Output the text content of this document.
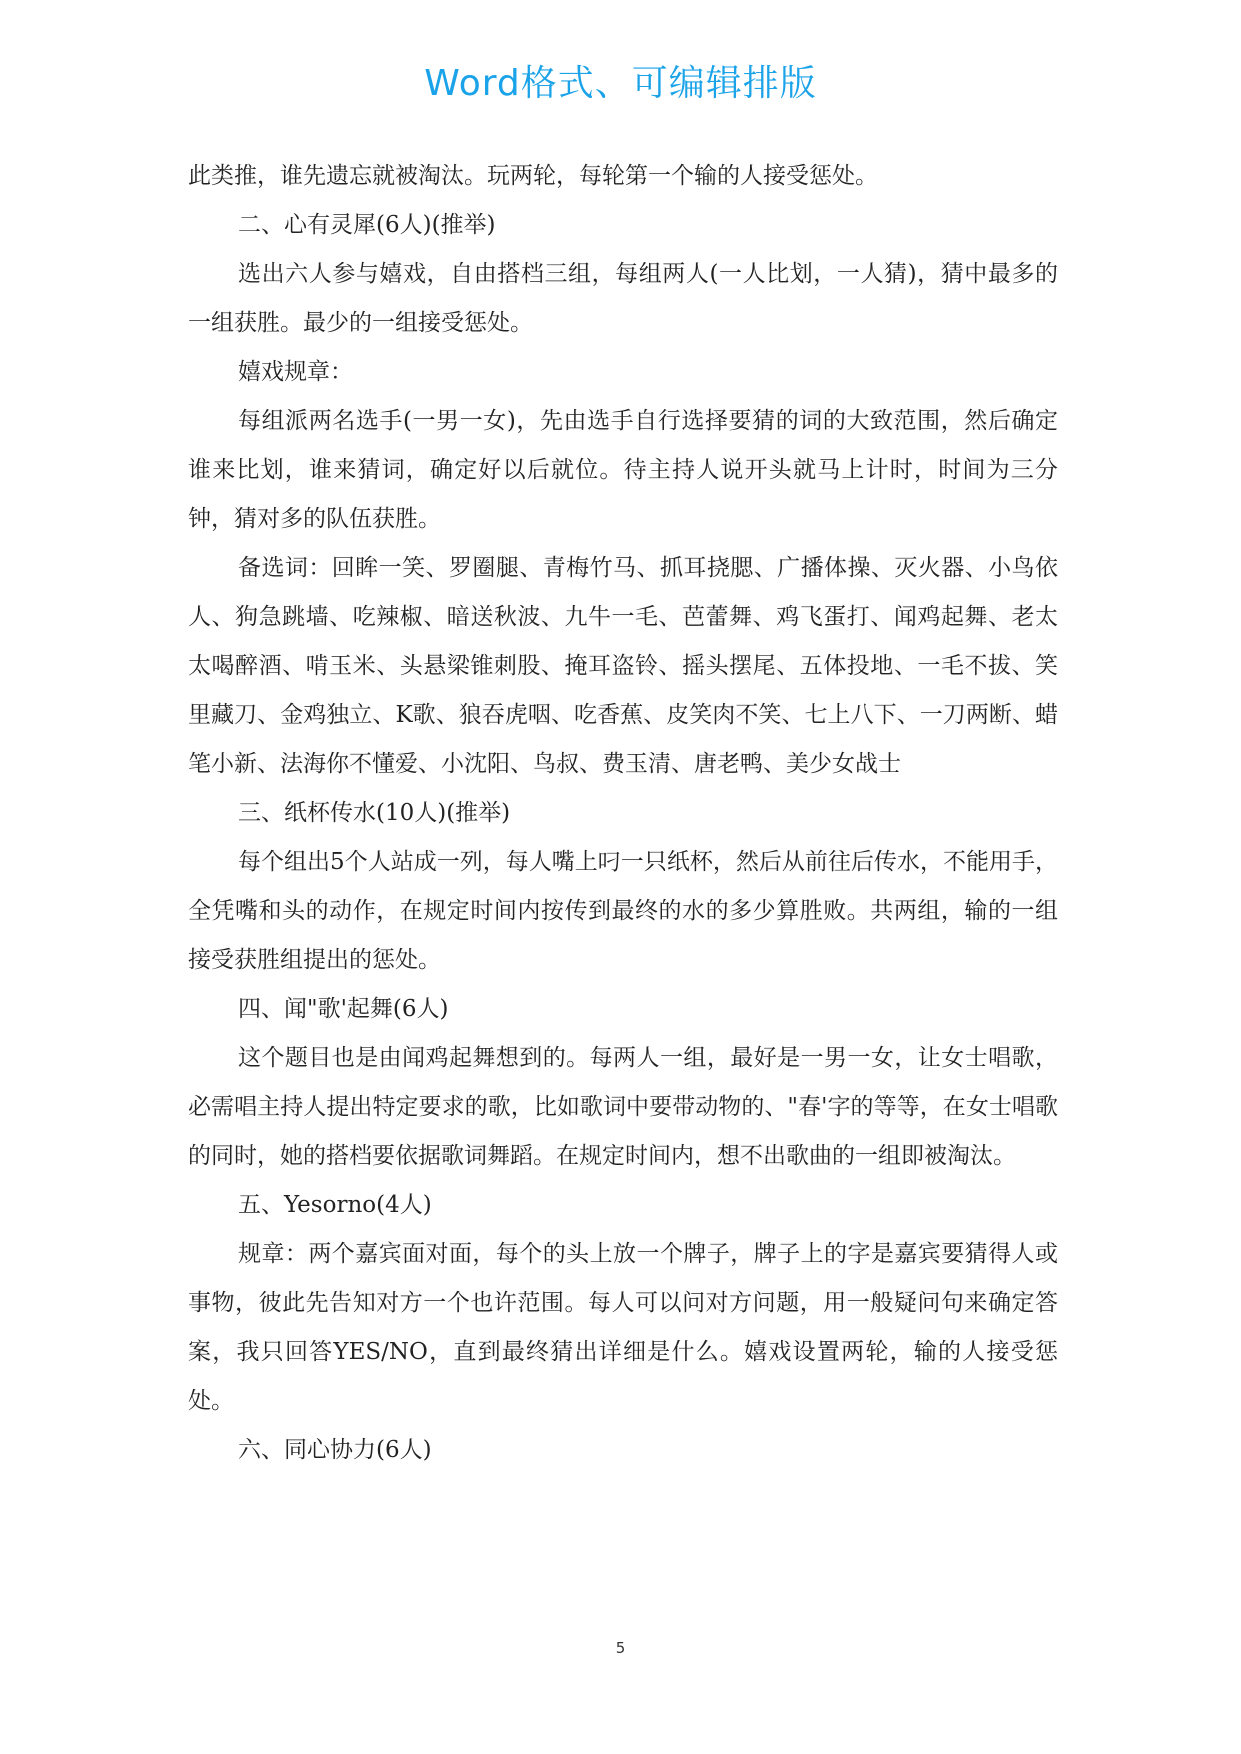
Word格式、可编辑排版

此类推，谁先遗忘就被淘汰。玩两轮，每轮第一个输的人接受惩处。

二、心有灵犀(6人)(推举)

选出六人参与嬉戏，自由搭档三组，每组两人(一人比划，一人猜)，猜中最多的一组获胜。最少的一组接受惩处。

嬉戏规章：

每组派两名选手(一男一女)，先由选手自行选择要猜的词的大致范围，然后确定谁来比划，谁来猜词，确定好以后就位。待主持人说开头就马上计时，时间为三分钟，猜对多的队伍获胜。

备选词：回眸一笑、罗圈腿、青梅竹马、抓耳挠腮、广播体操、灭火器、小鸟依人、狗急跳墙、吃辣椒、暗送秋波、九牛一毛、芭蕾舞、鸡飞蛋打、闻鸡起舞、老太太喝醉酒、啃玉米、头悬梁锥刺股、掩耳盗铃、摇头摆尾、五体投地、一毛不拔、笑里藏刀、金鸡独立、K歌、狼吞虎咽、吃香蕉、皮笑肉不笑、七上八下、一刀两断、蜡笔小新、法海你不懂爱、小沈阳、鸟叔、费玉清、唐老鸭、美少女战士

三、纸杯传水(10人)(推举)

每个组出5个人站成一列，每人嘴上叼一只纸杯，然后从前往后传水，不能用手，全凭嘴和头的动作，在规定时间内按传到最终的水的多少算胜败。共两组，输的一组接受获胜组提出的惩处。

四、闻"歌'起舞(6人)

这个题目也是由闻鸡起舞想到的。每两人一组，最好是一男一女，让女士唱歌，必需唱主持人提出特定要求的歌，比如歌词中要带动物的、"春'字的等等，在女士唱歌的同时，她的搭档要依据歌词舞蹈。在规定时间内，想不出歌曲的一组即被淘汰。

五、Yesorno(4人)

规章：两个嘉宾面对面，每个的头上放一个牌子，牌子上的字是嘉宾要猜得人或事物，彼此先告知对方一个也许范围。每人可以问对方问题，用一般疑问句来确定答案，我只回答YES/NO，直到最终猜出详细是什么。嬉戏设置两轮，输的人接受惩处。

六、同心协力(6人)

5
